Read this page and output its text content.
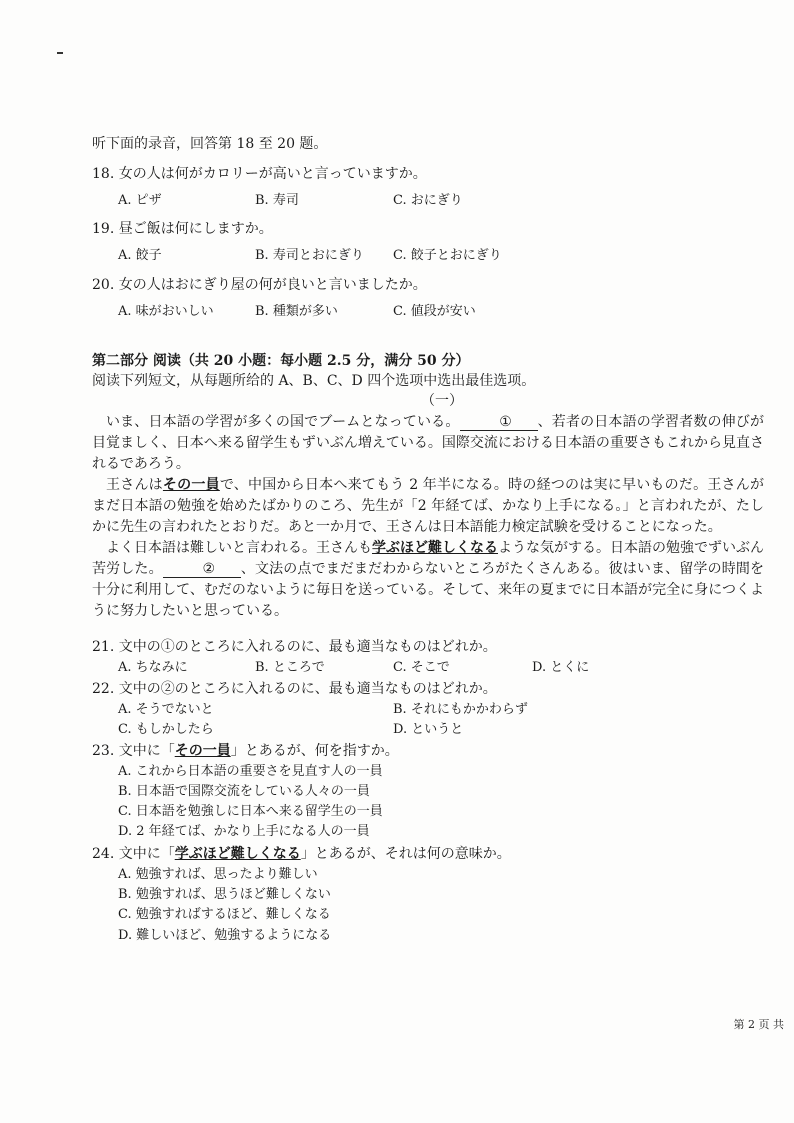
听下面的录音，回答第 18 至 20 题。
18. 女の人は何がカロリーが高いと言っていますか。
A. ピザ	B. 寿司	C. おにぎり
19. 昼ご飯は何にしますか。
A. 餃子	B. 寿司とおにぎり C. 餃子とおにぎり
20. 女の人はおにぎり屋の何が良いと言いましたか。
A. 味がおいしい	B. 種類が多い	C. 値段が安い
第二部分 阅读（共 20 小题：每小题 2.5 分，满分 50 分）
阅读下列短文，从每题所给的 A、B、C、D 四个选项中选出最佳选项。
（一）
いま、日本語の学習が多くの国でブームとなっている。	① 、若者の日本語の学習者数の伸びが目覚ましく、日本へ来る留学生もずいぶん増えている。国際交流における日本語の重要さもこれから見直されるであろう。
王さんはその一員で、中国から日本へ来てもう 2 年半になる。時の経つのは実に早いものだ。王さんがまだ日本語の勉強を始めたばかりのころ、先生が「2 年経てば、かなり上手になる。」と言われたが、たしかに先生の言われたとおりだ。あと一か月で、王さんは日本語能力検定試験を受けることになった。
よく日本語は難しいと言われる。王さんも学ぶほど難しくなるような気がする。日本語の勉強でずいぶん苦労した。	② 、文法の点でまだまだわからないところがたくさんある。彼はいま、留学の時間を十分に利用して、むだのないように毎日を送っている。そして、来年の夏までに日本語が完全に身につくように努力したいと思っている。
21. 文中の①のところに入れるのに、最も適当なものはどれか。
A. ちなみに	B. ところで	C. そこで	D. とくに
22. 文中の②のところに入れるのに、最も適当なものはどれか。
A. そうでないと	B. それにもかかわらず
C. もしかしたら	D. というと
23. 文中に「その一員」とあるが、何を指すか。
A. これから日本語の重要さを見直す人の一員
B. 日本語で国際交流をしている人々の一員
C. 日本語を勉強しに日本へ来る留学生の一員
D. 2 年経てば、かなり上手になる人の一員
24. 文中に「学ぶほど難しくなる」とあるが、それは何の意味か。
A. 勉強すれば、思ったより難しい
B. 勉強すれば、思うほど難しくない
C. 勉強すればするほど、難しくなる
D. 難しいほど、勉強するようになる
第 2 页 共
